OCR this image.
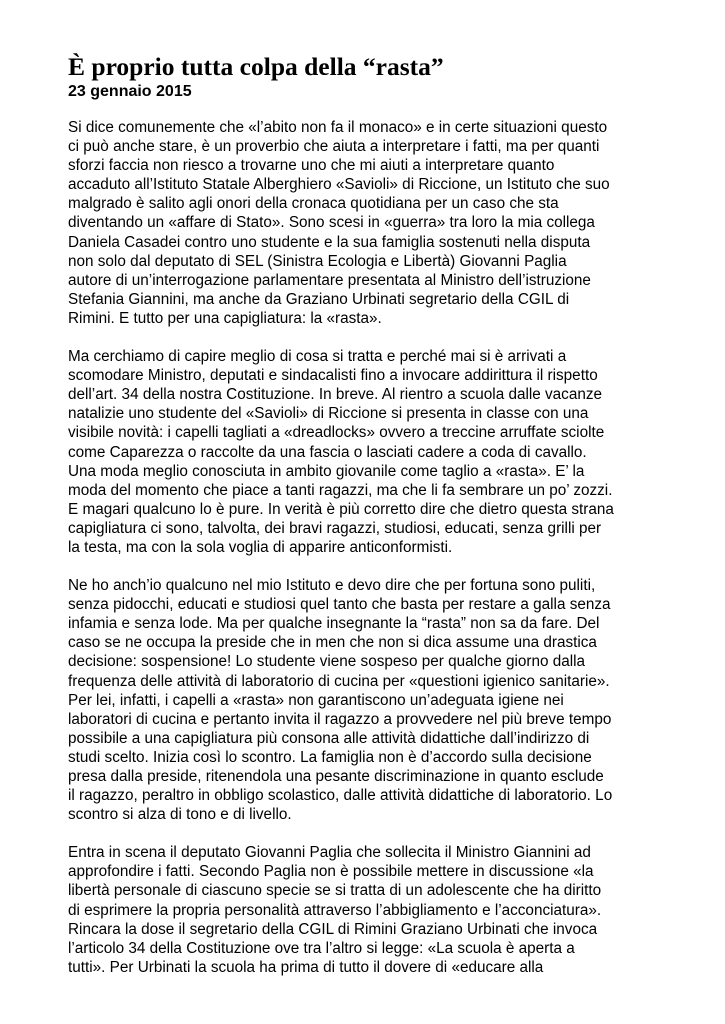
È proprio tutta colpa della “rasta”
23 gennaio 2015

Si dice comunemente che «l’abito non fa il monaco» e in certe situazioni questo
ci può anche stare, è un proverbio che aiuta a interpretare i fatti, ma per quanti
sforzi faccia non riesco a trovarne uno che mi aiuti a interpretare quanto
accaduto all’Istituto Statale Alberghiero «Savioli» di Riccione, un Istituto che suo
malgrado è salito agli onori della cronaca quotidiana per un caso che sta
diventando un «affare di Stato». Sono scesi in «guerra» tra loro la mia collega
Daniela Casadei contro uno studente e la sua famiglia sostenuti nella disputa
non solo dal deputato di SEL (Sinistra Ecologia e Libertà) Giovanni Paglia
autore di un’interrogazione parlamentare presentata al Ministro dell’istruzione
Stefania Giannini, ma anche da Graziano Urbinati segretario della CGIL di
Rimini. E tutto per una capigliatura: la «rasta».

Ma cerchiamo di capire meglio di cosa si tratta e perché mai si è arrivati a
scomodare Ministro, deputati e sindacalisti fino a invocare addirittura il rispetto
dell’art. 34 della nostra Costituzione. In breve. Al rientro a scuola dalle vacanze
natalizie uno studente del «Savioli» di Riccione si presenta in classe con una
visibile novità: i capelli tagliati a «dreadlocks» ovvero a treccine arruffate sciolte
come Caparezza o raccolte da una fascia o lasciati cadere a coda di cavallo.
Una moda meglio conosciuta in ambito giovanile come taglio a «rasta». E’ la
moda del momento che piace a tanti ragazzi, ma che li fa sembrare un po’ zozzi.
E magari qualcuno lo è pure. In verità è più corretto dire che dietro questa strana
capigliatura ci sono, talvolta, dei bravi ragazzi, studiosi, educati, senza grilli per
la testa, ma con la sola voglia di apparire anticonformisti.

Ne ho anch’io qualcuno nel mio Istituto e devo dire che per fortuna sono puliti,
senza pidocchi, educati e studiosi quel tanto che basta per restare a galla senza
infamia e senza lode. Ma per qualche insegnante la “rasta” non sa da fare. Del
caso se ne occupa la preside che in men che non si dica assume una drastica
decisione: sospensione! Lo studente viene sospeso per qualche giorno dalla
frequenza delle attività di laboratorio di cucina per «questioni igienico sanitarie».
Per lei, infatti, i capelli a «rasta» non garantiscono un’adeguata igiene nei
laboratori di cucina e pertanto invita il ragazzo a provvedere nel più breve tempo
possibile a una capigliatura più consona alle attività didattiche dall’indirizzo di
studi scelto. Inizia così lo scontro. La famiglia non è d’accordo sulla decisione
presa dalla preside, ritenendola una pesante discriminazione in quanto esclude
il ragazzo, peraltro in obbligo scolastico, dalle attività didattiche di laboratorio. Lo
scontro si alza di tono e di livello.

Entra in scena il deputato Giovanni Paglia che sollecita il Ministro Giannini ad
approfondire i fatti. Secondo Paglia non è possibile mettere in discussione «la
libertà personale di ciascuno specie se si tratta di un adolescente che ha diritto
di esprimere la propria personalità attraverso l’abbigliamento e l’acconciatura».
Rincara la dose il segretario della CGIL di Rimini Graziano Urbinati che invoca
l’articolo 34 della Costituzione ove tra l’altro si legge: «La scuola è aperta a
tutti». Per Urbinati la scuola ha prima di tutto il dovere di «educare alla
